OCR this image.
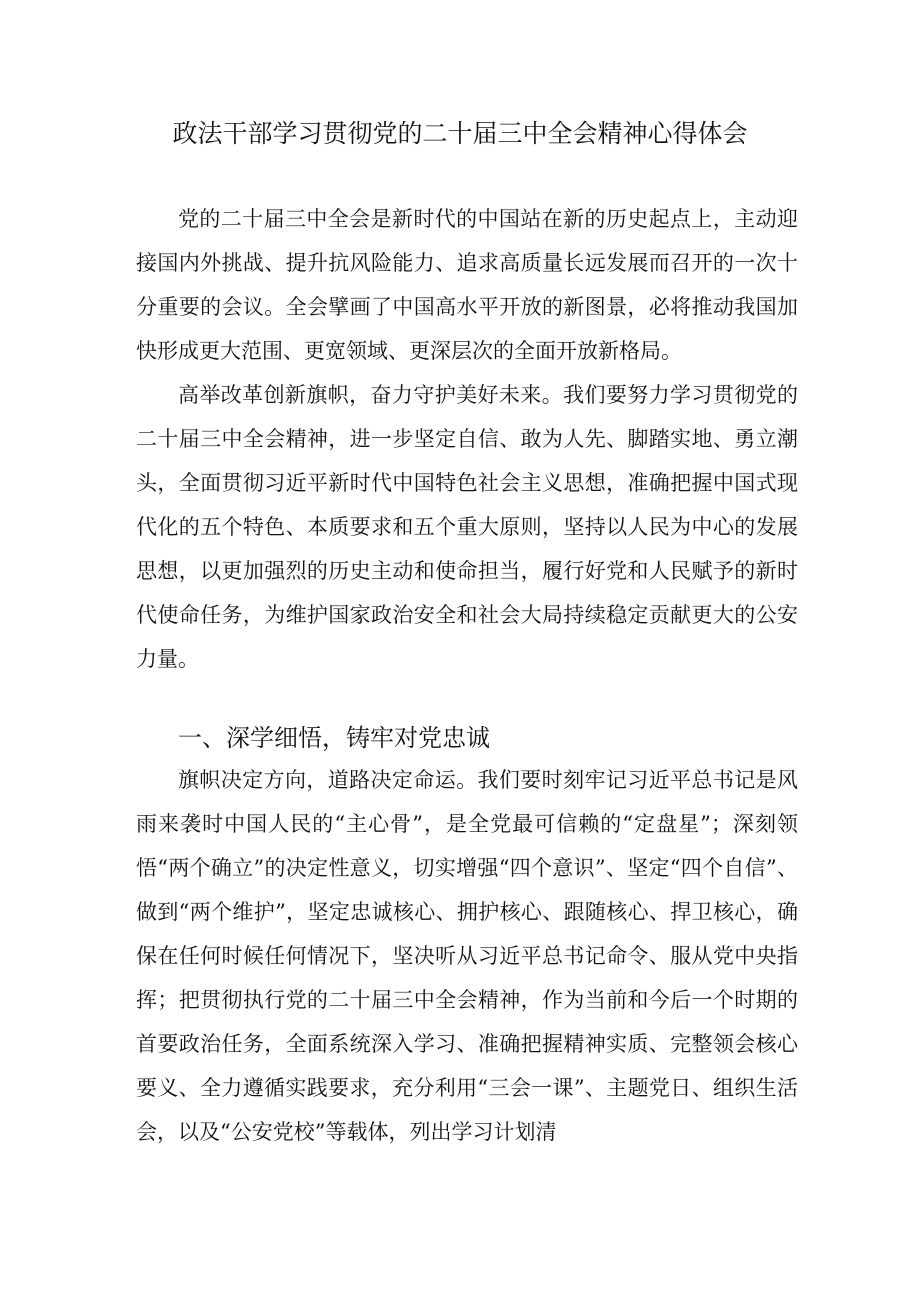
政法干部学习贯彻党的二十届三中全会精神心得体会

党的二十届三中全会是新时代的中国站在新的历史起点上，主动迎接国内外挑战、提升抗风险能力、追求高质量长远发展而召开的一次十分重要的会议。全会擘画了中国高水平开放的新图景，必将推动我国加快形成更大范围、更宽领域、更深层次的全面开放新格局。

高举改革创新旗帜，奋力守护美好未来。我们要努力学习贯彻党的二十届三中全会精神，进一步坚定自信、敢为人先、脚踏实地、勇立潮头，全面贯彻习近平新时代中国特色社会主义思想，准确把握中国式现代化的五个特色、本质要求和五个重大原则，坚持以人民为中心的发展思想，以更加强烈的历史主动和使命担当，履行好党和人民赋予的新时代使命任务，为维护国家政治安全和社会大局持续稳定贡献更大的公安力量。

一、深学细悟，铸牢对党忠诚

旗帜决定方向，道路决定命运。我们要时刻牢记习近平总书记是风雨来袭时中国人民的“主心骨”，是全党最可信赖的“定盘星”；深刻领悟“两个确立”的决定性意义，切实增强“四个意识”、坚定“四个自信”、做到“两个维护”，坚定忠诚核心、拥护核心、跟随核心、捍卫核心，确保在任何时候任何情况下，坚决听从习近平总书记命令、服从党中央指挥；把贯彻执行党的二十届三中全会精神，作为当前和今后一个时期的首要政治任务，全面系统深入学习、准确把握精神实质、完整领会核心要义、全力遵循实践要求，充分利用“三会一课”、主题党日、组织生活会，以及“公安党校”等载体，列出学习计划清
